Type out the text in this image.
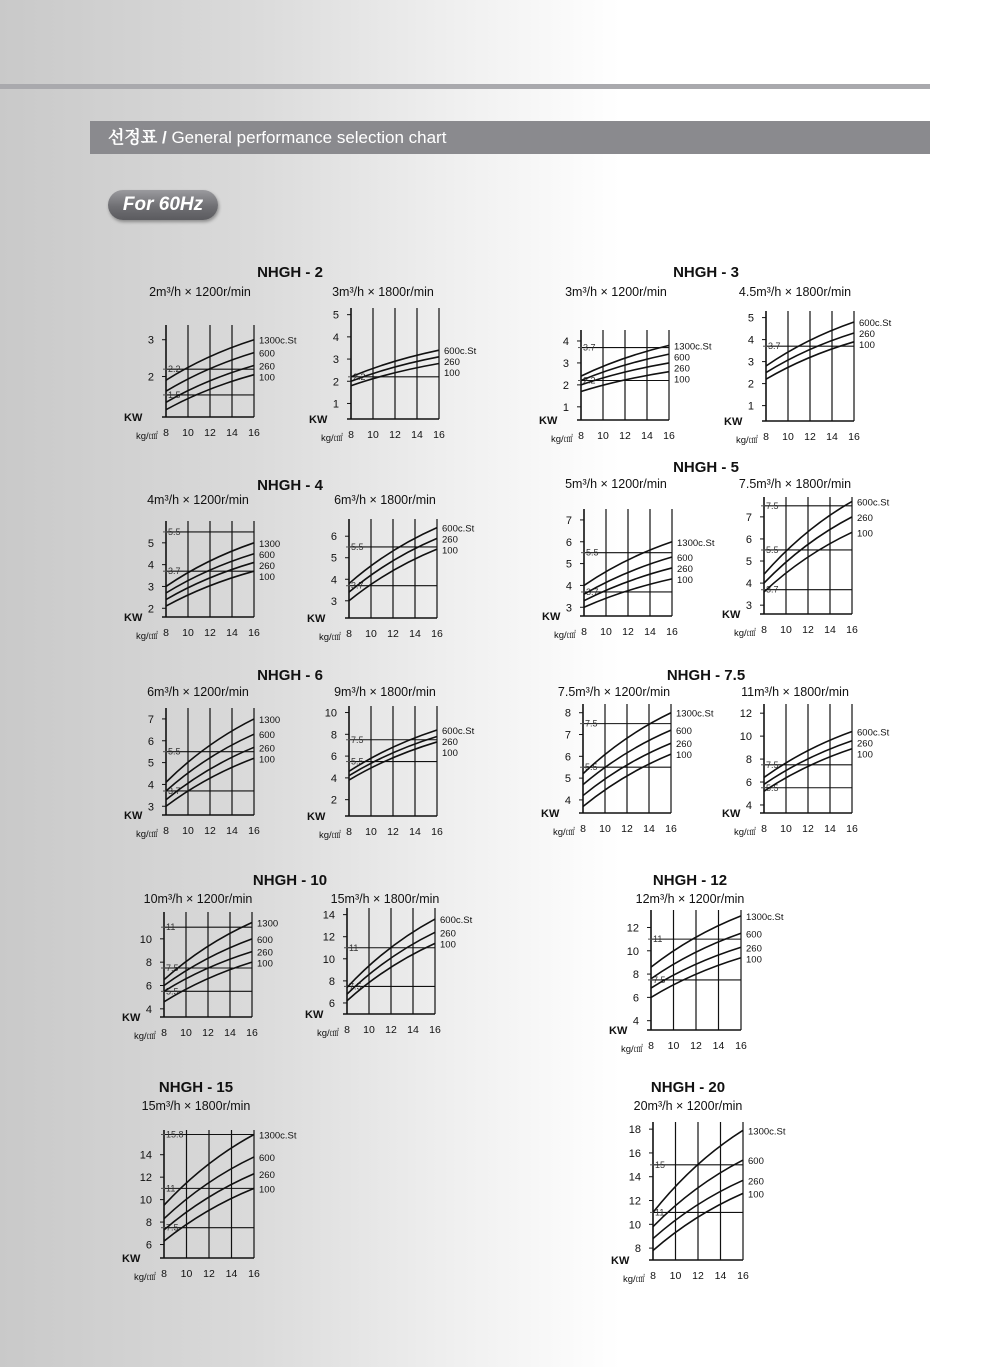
선정표 / General performance selection chart
For 60Hz
NHGH - 2	NHGH - 3
NHGH - 4
NHGH - 5
NHGH - 6	NHGH - 7.5
NHGH - 10	NHGH - 12
NHGH - 15	NHGH - 20
2m³/h × 1200r/min	3m³/h × 1800r/min	3m³/h × 1200r/min	4.5m³/h × 1800r/min
4m³/h × 1200r/min	6m³/h × 1800r/min
5m³/h × 1200r/min	7.5m³/h × 1800r/min
6m³/h × 1200r/min	9m³/h × 1800r/min	7.5m³/h × 1200r/min	11m³/h × 1800r/min
10m³/h × 1200r/min	15m³/h × 1800r/min	12m³/h × 1200r/min
15m³/h × 1800r/min	20m³/h × 1200r/min
8 10 12 14 16
kg/㎠
KW
2
3
2.2
1.5
1300c.St
600
260
100
8 10 12 14 16
kg/㎠
KW
1
2
3
4
5
2.2
600c.St
260
100
8 10 12 14 16
kg/㎠
KW
1
2
3
4 3.7
2.2
1300c.St
600
260
100
8 10 12 14 16
kg/㎠
KW
1
2
3
4
5
3.7
600c.St
260
100
8 10 12 14 16
kg/㎠
KW
2
3
4
5
5.5
3.7
1300
600
260
100
8 10 12 14 16
kg/㎠
KW
3
4
5
6
5.5
3.7
600c.St
260
100
8 10 12 14 16
kg/㎠
KW
3
4
5
6
7
5.5
3.7
1300c.St
600
260
100
8 10 12 14 16
kg/㎠
KW
3
4
5
6
7
7.5
5.5
3.7
600c.St
260
100
8 10 12 14 16
kg/㎠
KW
3
4
5
6
7
5.5
3.7
1300
600
260
100
8 10 12 14 16
kg/㎠
KW
2
4
6
8
10
7.5
5.5
600c.St
260
100
8 10 12 14 16
kg/㎠
KW
4
5
6
7
8
7.5
5.5
1300c.St
600
260
100
8 10 12 14 16
kg/㎠
KW
4
6
8
10
12
7.5
5.5
600c.St
260
100
8 10 12 14 16
kg/㎠
KW
4
6
8
10
11
7.5
5.5
1300
600
260
100
8 10 12 14 16
kg/㎠
KW
6
8
10
12
14
11
7.5
600c.St
260
100
8 10 12 14 16
kg/㎠
KW
4
6
8
10
12
11
7.5
1300c.St
600
260
100
8 10 12 14 16
kg/㎠
KW
6
8
10
12
14
15.8
11
7.5
1300c.St
600
260
100
8 10 12 14 16
kg/㎠
KW
8
10
12
14
16
18
15
11
1300c.St
600
260
100
